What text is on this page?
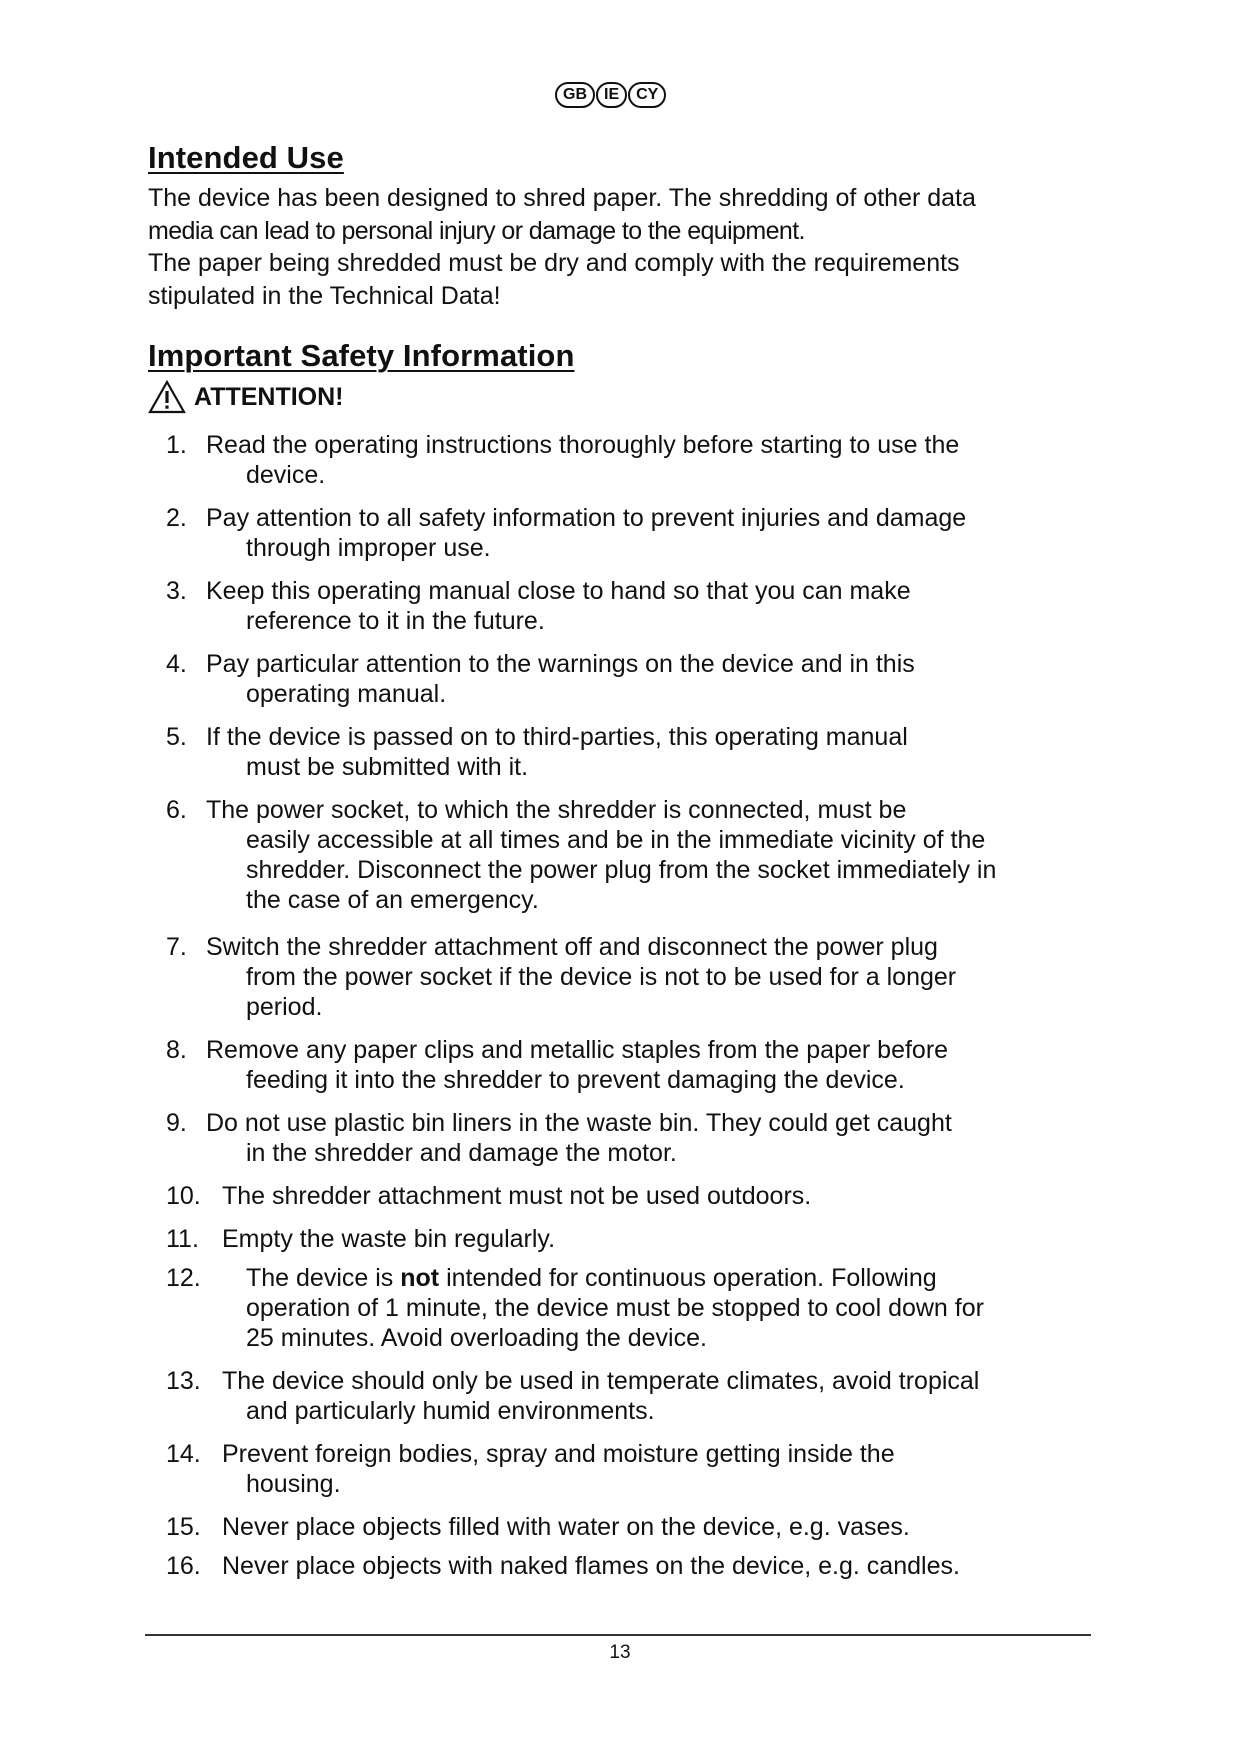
GB	IE	CY
Intended Use

The device has been designed to shred paper. The shredding of other data

media can lead to personal injury or damage to the equipment.

The paper being shredded must be dry and comply with the requirements

stipulated in the Technical Data!

Important Safety Information
ATTENTION!
1. Read the operating instructions thoroughly before starting to use the
device.
2. Pay attention to all safety information to prevent injuries and damage
through improper use.
3. Keep this operating manual close to hand so that you can make
reference to it in the future.
4. Pay particular attention to the warnings on the device and in this
operating manual.
5. If the device is passed on to third-parties, this operating manual
must be submitted with it.
6. The power socket, to which the shredder is connected, must be
easily accessible at all times and be in the immediate vicinity of the
shredder. Disconnect the power plug from the socket immediately in
the case of an emergency.
7. Switch the shredder attachment off and disconnect the power plug
from the power socket if the device is not to be used for a longer
period.
8. Remove any paper clips and metallic staples from the paper before
feeding it into the shredder to prevent damaging the device.
9. Do not use plastic bin liners in the waste bin. They could get caught
in the shredder and damage the motor.
10. The shredder attachment must not be used outdoors.
11. Empty the waste bin regularly.
12. The device is not intended for continuous operation. Following
operation of 1 minute, the device must be stopped to cool down for
25 minutes. Avoid overloading the device.
13. The device should only be used in temperate climates, avoid tropical
and particularly humid environments.
14. Prevent foreign bodies, spray and moisture getting inside the
housing.
15. Never place objects filled with water on the device, e.g. vases.
16. Never place objects with naked flames on the device, e.g. candles.
13
